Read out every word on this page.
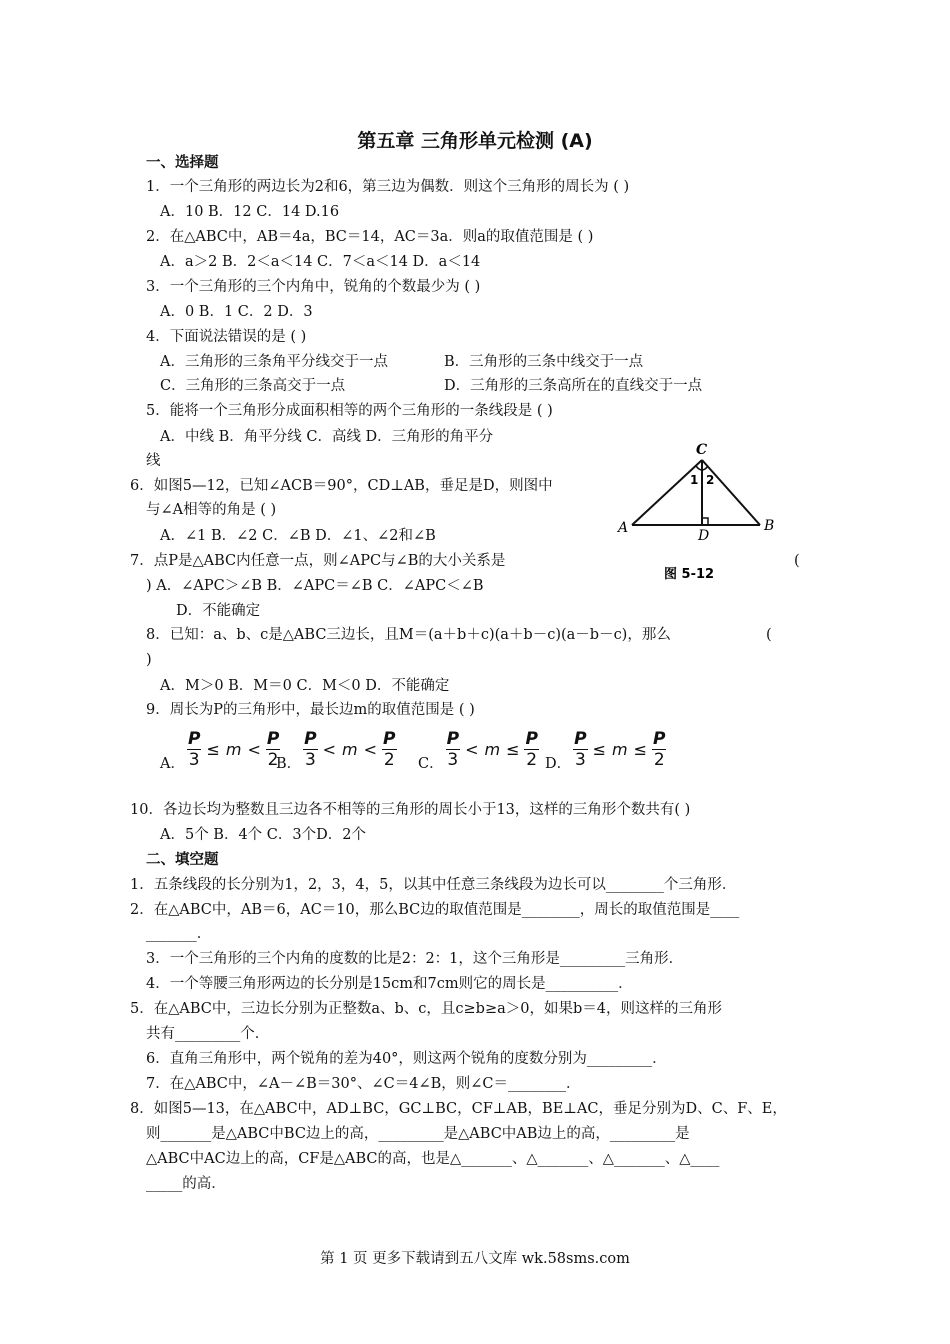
第五章 三角形单元检测 (A)
一、选择题
1．一个三角形的两边长为2和6，第三边为偶数．则这个三角形的周长为 ( )
A．10 B．12 C．14 D.16
2．在△ABC中，AB＝4a，BC＝14，AC＝3a．则a的取值范围是 ( )
A．a＞2 B．2＜a＜14 C．7＜a＜14 D．a＜14
3．一个三角形的三个内角中，锐角的个数最少为 ( )
A．0 B．1 C．2 D．3
4．下面说法错误的是 ( )
A．三角形的三条角平分线交于一点	B．三角形的三条中线交于一点
C．三角形的三条高交于一点	D．三角形的三条高所在的直线交于一点
5．能将一个三角形分成面积相等的两个三角形的一条线段是 ( )
A．中线 B．角平分线 C．高线 D．三角形的角平分
线
6．如图5—12，已知∠ACB＝90°，CD⊥AB，垂足是D，则图中
与∠A相等的角是 ( )
A．∠1 B．∠2 C．∠B D．∠1、∠2和∠B
7．点P是△ABC内任意一点，则∠APC与∠B的大小关系是	(
) A．∠APC＞∠B B．∠APC＝∠B C．∠APC＜∠B
D．不能确定
8．已知：a、b、c是△ABC三边长，且M＝(a＋b＋c)(a＋b－c)(a－b－c)，那么	(
)
A．M＞0 B．M＝0 C．M＜0 D．不能确定
9．周长为P的三角形中，最长边m的取值范围是 ( )
A． $\frac{P}{3} \le m < \frac{P}{2}$
B． $\frac{P}{3} < m < \frac{P}{2}$ C． $\frac{P}{3} < m \le \frac{P}{2}$ D． $\frac{P}{3} \le m \le \frac{P}{2}$
10．各边长均为整数且三边各不相等的三角形的周长小于13，这样的三角形个数共有( )
A．5个 B．4个 C．3个D．2个
二、填空题
1．五条线段的长分别为1，2，3，4，5，以其中任意三条线段为边长可以________个三角形．
2．在△ABC中，AB＝6，AC＝10，那么BC边的取值范围是________，周长的取值范围是____
_______．
3．一个三角形的三个内角的度数的比是2：2：1，这个三角形是_________三角形．
4．一个等腰三角形两边的长分别是15cm和7cm则它的周长是__________．
5．在△ABC中，三边长分别为正整数a、b、c，且c≥b≥a＞0，如果b＝4，则这样的三角形
共有_________个．
6．直角三角形中，两个锐角的差为40°，则这两个锐角的度数分别为_________．
7．在△ABC中，∠A－∠B＝30°、∠C＝4∠B，则∠C＝________．
8．如图5—13，在△ABC中，AD⊥BC，GC⊥BC，CF⊥AB，BE⊥AC，垂足分别为D、C、F、E，
则_______是△ABC中BC边上的高，_________是△ABC中AB边上的高，_________是
△ABC中AC边上的高，CF是△ABC的高，也是△_______、△_______、△_______、△____
_____的高．
C
A	B
D
1 2
图 5-12
第 1 页 更多下载请到五八文库 wk.58sms.com
